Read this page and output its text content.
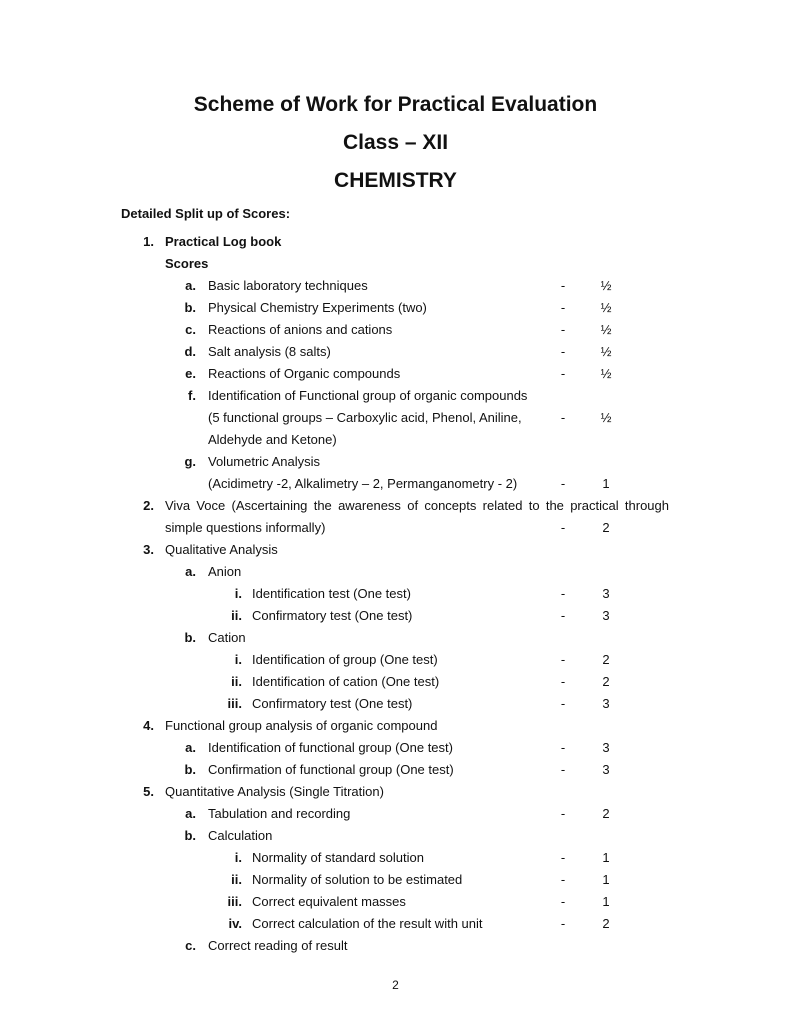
Scheme of Work for Practical Evaluation
Class – XII
CHEMISTRY
Detailed Split up of Scores:
1. Practical Log book
Scores
a. Basic laboratory techniques	-	½
b. Physical Chemistry Experiments (two)	-	½
c. Reactions of anions and cations	-	½
d. Salt analysis (8 salts)	-	½
e. Reactions of Organic compounds	-	½
f. Identification of Functional group of organic compounds
(5 functional groups – Carboxylic acid, Phenol, Aniline,	-	½
Aldehyde and Ketone)
g. Volumetric Analysis
(Acidimetry -2, Alkalimetry – 2, Permanganometry - 2)	-	1
2. Viva Voce (Ascertaining the awareness of concepts related to the practical through
simple questions informally)	-	2
3. Qualitative Analysis
a. Anion
i. Identification test (One test)	-	3
ii. Confirmatory test (One test)	-	3
b. Cation
i. Identification of group (One test)	-	2
ii. Identification of cation (One test)	-	2
iii. Confirmatory test (One test)	-	3
4. Functional group analysis of organic compound
a. Identification of functional group (One test)	-	3
b. Confirmation of functional group (One test)	-	3
5. Quantitative Analysis (Single Titration)
a. Tabulation and recording	-	2
b. Calculation
i. Normality of standard solution	-	1
ii. Normality of solution to be estimated	-	1
iii. Correct equivalent masses	-	1
iv. Correct calculation of the result with unit	-	2
c. Correct reading of result
2
